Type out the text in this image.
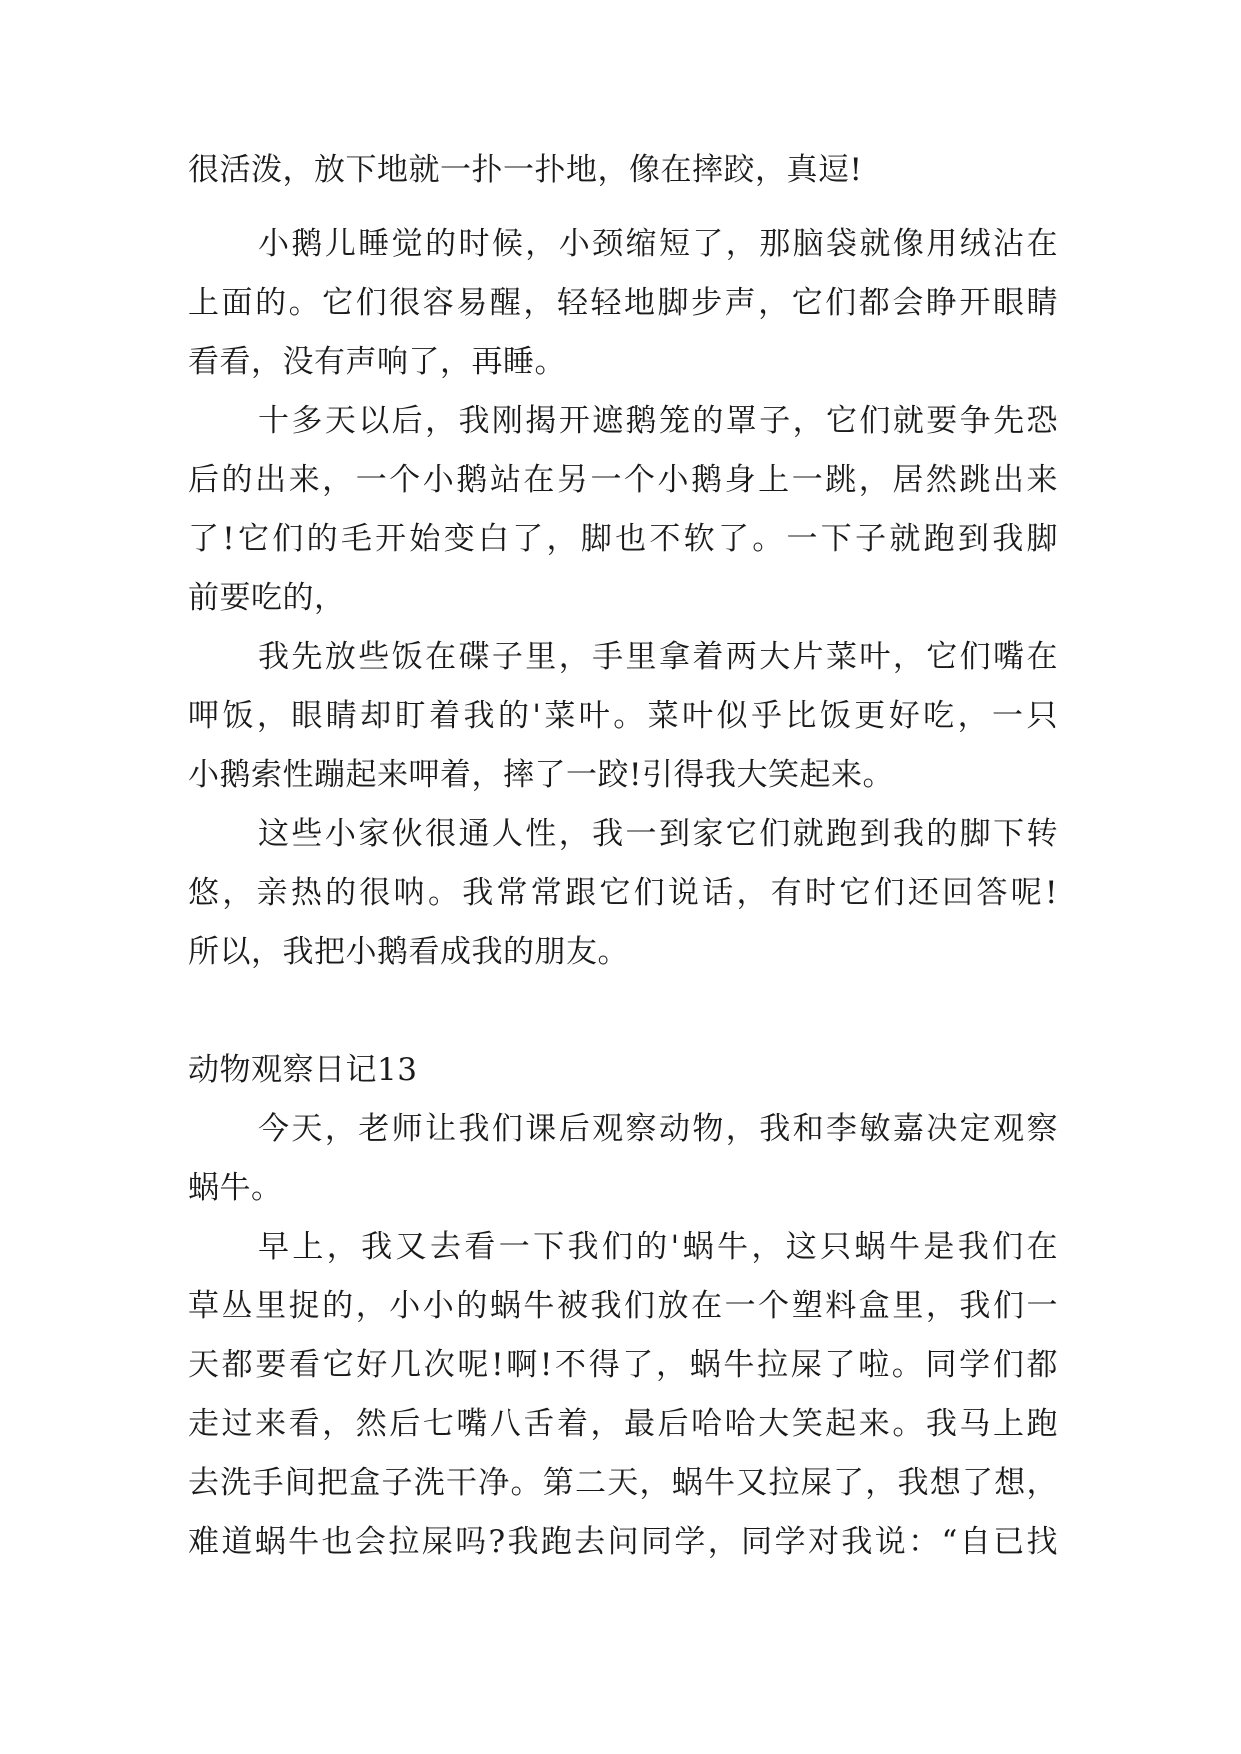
很活泼，放下地就一扑一扑地，像在摔跤，真逗!
小鹅儿睡觉的时候，小颈缩短了，那脑袋就像用绒沾在
上面的。它们很容易醒，轻轻地脚步声，它们都会睁开眼睛
看看，没有声响了，再睡。
十多天以后，我刚揭开遮鹅笼的罩子，它们就要争先恐
后的出来，一个小鹅站在另一个小鹅身上一跳，居然跳出来
了!它们的毛开始变白了，脚也不软了。一下子就跑到我脚
前要吃的，
我先放些饭在碟子里，手里拿着两大片菜叶，它们嘴在
呷饭，眼睛却盯着我的'菜叶。菜叶似乎比饭更好吃，一只
小鹅索性蹦起来呷着，摔了一跤!引得我大笑起来。
这些小家伙很通人性，我一到家它们就跑到我的脚下转
悠，亲热的很呐。我常常跟它们说话，有时它们还回答呢!
所以，我把小鹅看成我的朋友。
动物观察日记13
今天，老师让我们课后观察动物，我和李敏嘉决定观察
蜗牛。
早上，我又去看一下我们的'蜗牛，这只蜗牛是我们在
草丛里捉的，小小的蜗牛被我们放在一个塑料盒里，我们一
天都要看它好几次呢!啊!不得了，蜗牛拉屎了啦。同学们都
走过来看，然后七嘴八舌着，最后哈哈大笑起来。我马上跑
去洗手间把盒子洗干净。第二天，蜗牛又拉屎了，我想了想，
难道蜗牛也会拉屎吗?我跑去问同学，同学对我说：“自已找
